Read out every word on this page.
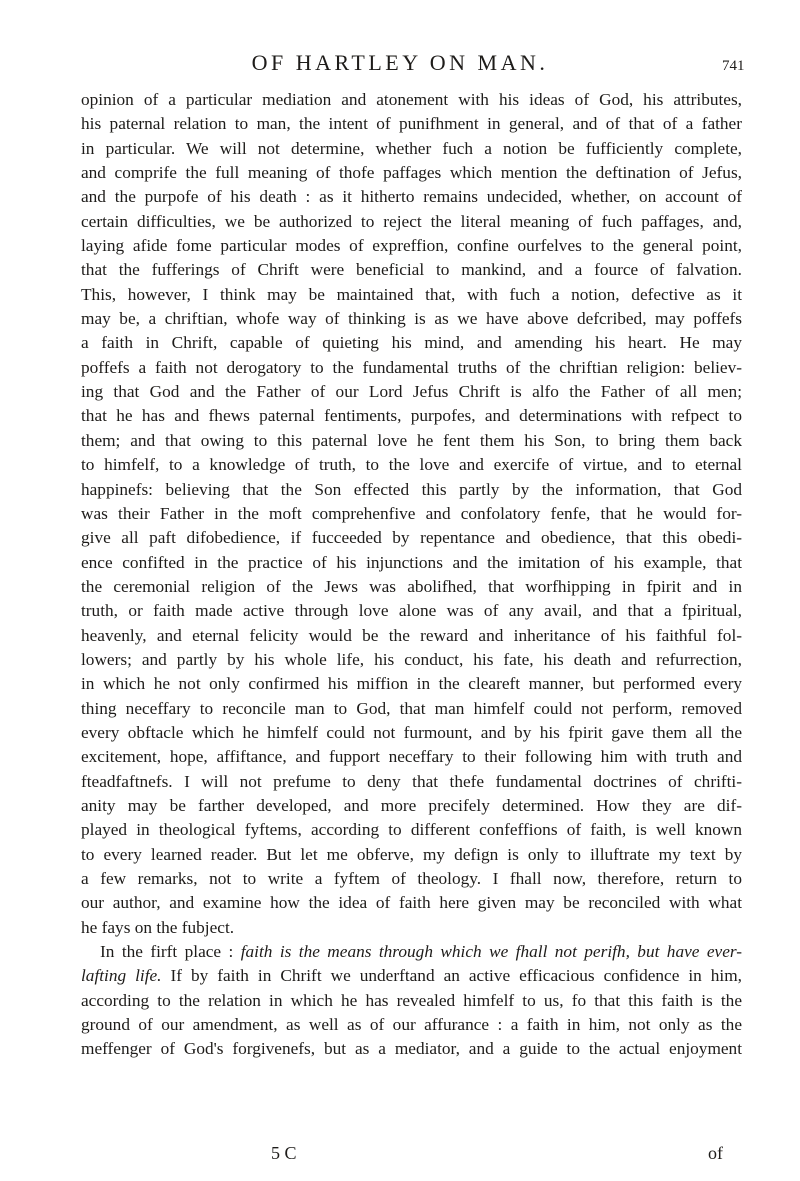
OF HARTLEY ON MAN.	741
opinion of a particular mediation and atonement with his ideas of God, his attributes,
his paternal relation to man, the intent of punifhment in general, and of that of a father
in particular. We will not determine, whether fuch a notion be fufficiently complete,
and comprife the full meaning of thofe paffages which mention the deftination of Jefus,
and the purpofe of his death : as it hitherto remains undecided, whether, on account of
certain difficulties, we be authorized to reject the literal meaning of fuch paffages, and,
laying afide fome particular modes of expreffion, confine ourfelves to the general point,
that the fufferings of Chrift were beneficial to mankind, and a fource of falvation.
This, however, I think may be maintained that, with fuch a notion, defective as it
may be, a chriftian, whofe way of thinking is as we have above defcribed, may poffefs
a faith in Chrift, capable of quieting his mind, and amending his heart. He may
poffefs a faith not derogatory to the fundamental truths of the chriftian religion: believ-
ing that God and the Father of our Lord Jefus Chrift is alfo the Father of all men;
that he has and fhews paternal fentiments, purpofes, and determinations with refpect to
them; and that owing to this paternal love he fent them his Son, to bring them back
to himfelf, to a knowledge of truth, to the love and exercife of virtue, and to eternal
happinefs: believing that the Son effected this partly by the information, that God
was their Father in the moft comprehenfive and confolatory fenfe, that he would for-
give all paft difobedience, if fucceeded by repentance and obedience, that this obedi-
ence confifted in the practice of his injunctions and the imitation of his example, that
the ceremonial religion of the Jews was abolifhed, that worfhipping in fpirit and in
truth, or faith made active through love alone was of any avail, and that a fpiritual,
heavenly, and eternal felicity would be the reward and inheritance of his faithful fol-
lowers; and partly by his whole life, his conduct, his fate, his death and refurrection,
in which he not only confirmed his miffion in the cleareft manner, but performed every
thing neceffary to reconcile man to God, that man himfelf could not perform, removed
every obftacle which he himfelf could not furmount, and by his fpirit gave them all the
excitement, hope, affiftance, and fupport neceffary to their following him with truth and
fteadfaftnefs. I will not prefume to deny that thefe fundamental doctrines of chrifti-
anity may be farther developed, and more precifely determined. How they are dif-
played in theological fyftems, according to different confeffions of faith, is well known
to every learned reader. But let me obferve, my defign is only to illuftrate my text by
a few remarks, not to write a fyftem of theology. I fhall now, therefore, return to
our author, and examine how the idea of faith here given may be reconciled with what
he fays on the fubject.
In the firft place : faith is the means through which we fhall not perifh, but have ever-
lafting life. If by faith in Chrift we underftand an active efficacious confidence in him,
according to the relation in which he has revealed himfelf to us, fo that this faith is the
ground of our amendment, as well as of our affurance : a faith in him, not only as the
meffenger of God's forgivenefs, but as a mediator, and a guide to the actual enjoyment
5 C	of
